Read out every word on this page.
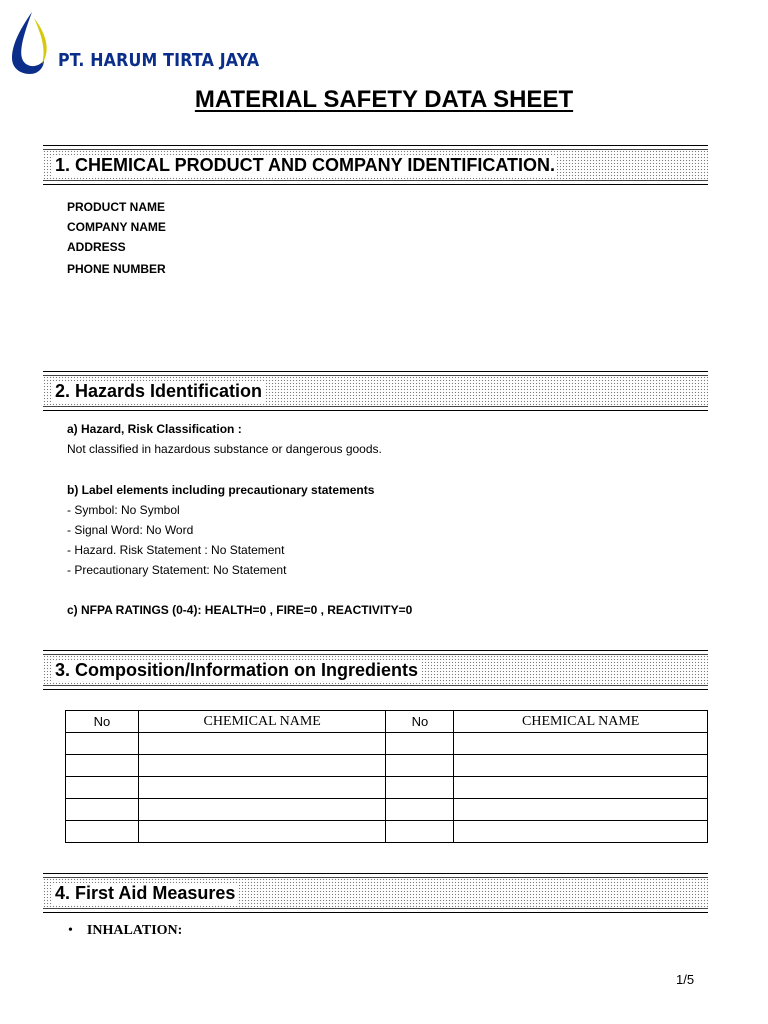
PT. HARUM TIRTA JAYA
MATERIAL SAFETY DATA SHEET
1. CHEMICAL PRODUCT AND COMPANY IDENTIFICATION.
PRODUCT NAME
COMPANY NAME
ADDRESS
PHONE NUMBER
2. Hazards Identification
a) Hazard, Risk Classification :
Not classified in hazardous substance or dangerous goods.
b) Label elements including precautionary statements
- Symbol: No Symbol
- Signal Word: No Word
- Hazard. Risk Statement : No Statement
- Precautionary Statement: No Statement
c) NFPA RATINGS (0-4): HEALTH=0 , FIRE=0 , REACTIVITY=0
3. Composition/Information on Ingredients
No	CHEMICAL NAME	No	CHEMICAL NAME

4. First Aid Measures
• INHALATION:
1/5
